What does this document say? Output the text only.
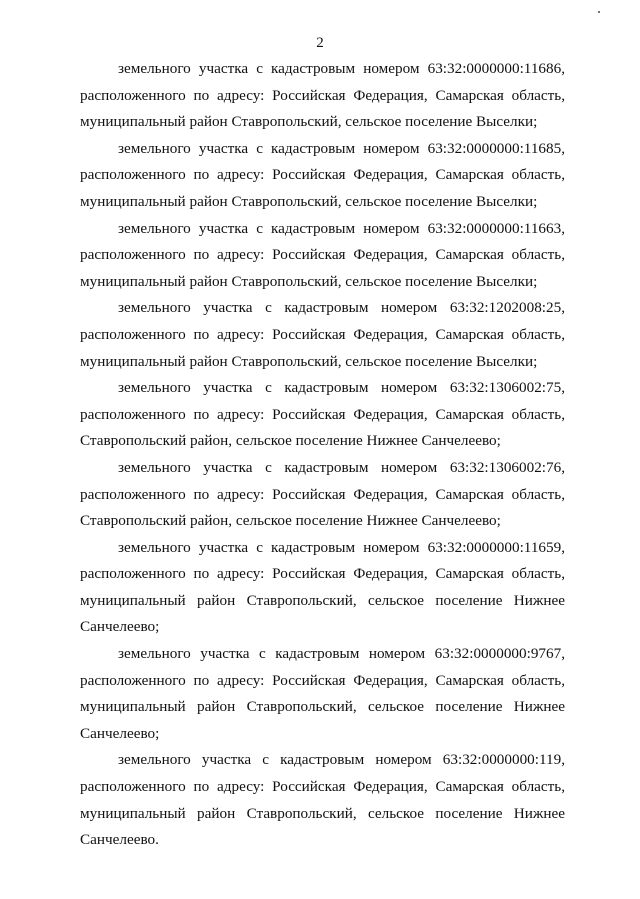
2
земельного участка с кадастровым номером 63:32:0000000:11686,
расположенного по адресу: Российская Федерация, Самарская область,
муниципальный район Ставропольский, сельское поселение Выселки;
земельного участка с кадастровым номером 63:32:0000000:11685,
расположенного по адресу: Российская Федерация, Самарская область,
муниципальный район Ставропольский, сельское поселение Выселки;
земельного участка с кадастровым номером 63:32:0000000:11663,
расположенного по адресу: Российская Федерация, Самарская область,
муниципальный район Ставропольский, сельское поселение Выселки;
земельного участка с кадастровым номером 63:32:1202008:25,
расположенного по адресу: Российская Федерация, Самарская область,
муниципальный район Ставропольский, сельское поселение Выселки;
земельного участка с кадастровым номером 63:32:1306002:75,
расположенного по адресу: Российская Федерация, Самарская область,
Ставропольский район, сельское поселение Нижнее Санчелеево;
земельного участка с кадастровым номером 63:32:1306002:76,
расположенного по адресу: Российская Федерация, Самарская область,
Ставропольский район, сельское поселение Нижнее Санчелеево;
земельного участка с кадастровым номером 63:32:0000000:11659,
расположенного по адресу: Российская Федерация, Самарская область,
муниципальный район Ставропольский, сельское поселение Нижнее
Санчелеево;
земельного участка с кадастровым номером 63:32:0000000:9767,
расположенного по адресу: Российская Федерация, Самарская область,
муниципальный район Ставропольский, сельское поселение Нижнее
Санчелеево;
земельного участка с кадастровым номером 63:32:0000000:119,
расположенного по адресу: Российская Федерация, Самарская область,
муниципальный район Ставропольский, сельское поселение Нижнее
Санчелеево.
